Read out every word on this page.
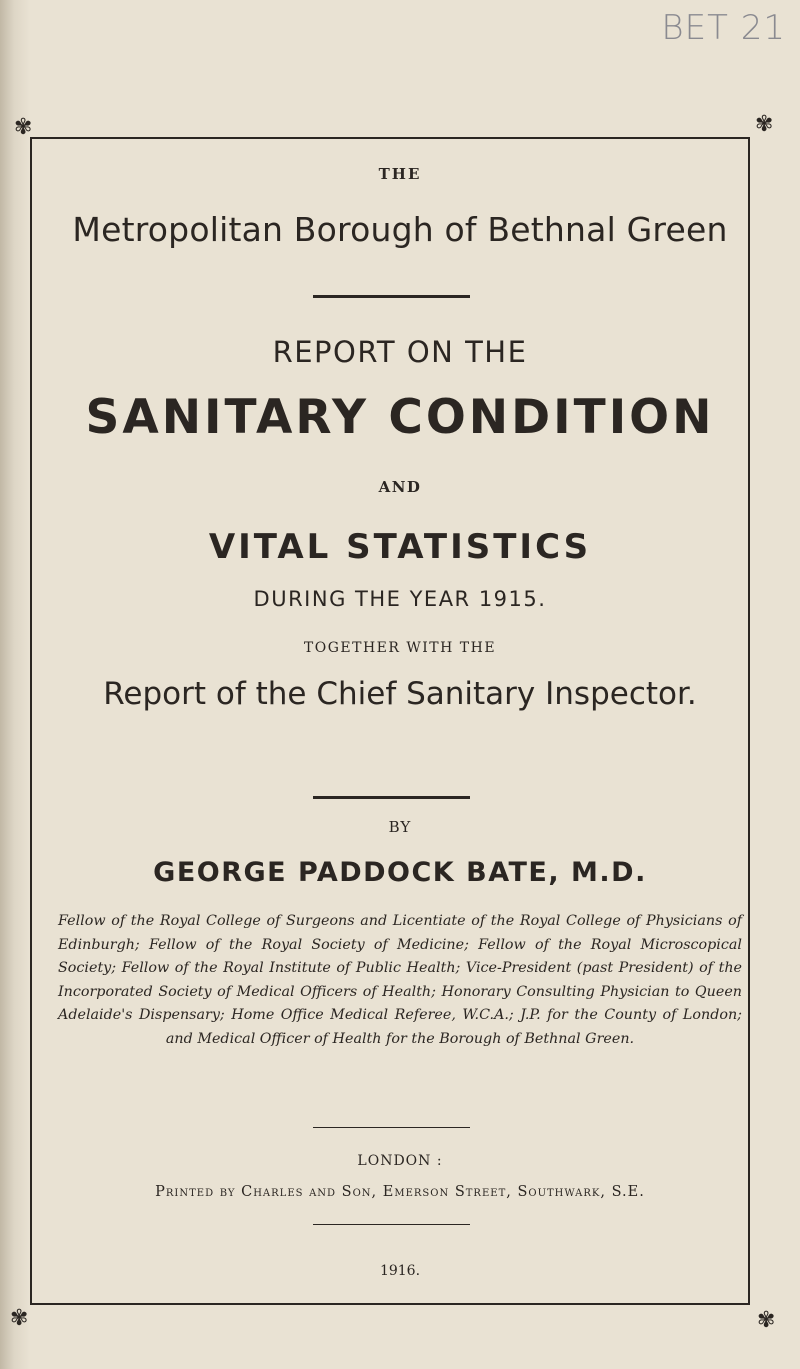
BET 21
✾	✾
✾	✾
THE
Metropolitan Borough of Bethnal Green
REPORT ON THE
SANITARY CONDITION
AND
VITAL STATISTICS
DURING THE YEAR 1915.
TOGETHER WITH THE
Report of the Chief Sanitary Inspector.
BY
GEORGE PADDOCK BATE, M.D.
Fellow of the Royal College of Surgeons and Licentiate of the Royal College of Physicians of Edinburgh; Fellow of the Royal Society of Medicine; Fellow of the Royal Microscopical Society; Fellow of the Royal Institute of Public Health; Vice-President (past President) of the Incorporated Society of Medical Officers of Health; Honorary Consulting Physician to Queen Adelaide's Dispensary; Home Office Medical Referee, W.C.A.; J.P. for the County of London; and Medical Officer of Health for the Borough of Bethnal Green.
LONDON :
Printed by Charles and Son, Emerson Street, Southwark, S.E.
1916.
